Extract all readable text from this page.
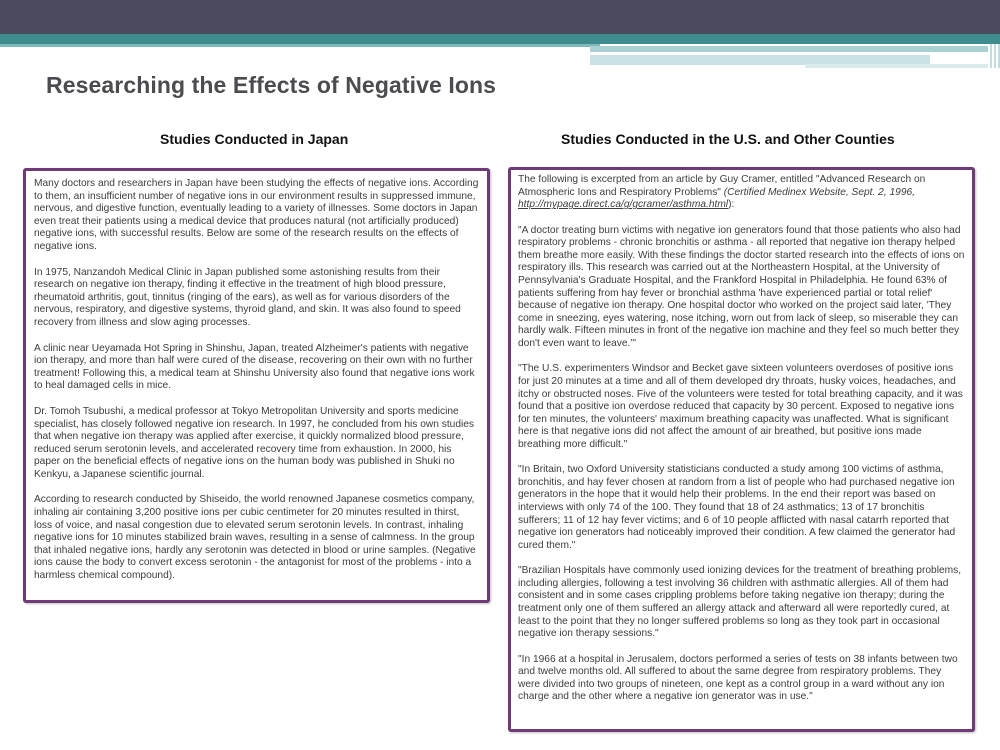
Researching the Effects of Negative Ions
Studies Conducted in Japan	Studies Conducted in the U.S. and Other Counties

Many doctors and researchers in Japan have been studying the effects of negative ions. According to them, an insufficient number of negative ions in our environment results in suppressed immune, nervous, and digestive function, eventually leading to a variety of illnesses. Some doctors in Japan even treat their patients using a medical device that produces natural (not artificially produced) negative ions, with successful results. Below are some of the research results on the effects of negative ions.

In 1975, Nanzandoh Medical Clinic in Japan published some astonishing results from their research on negative ion therapy, finding it effective in the treatment of high blood pressure, rheumatoid arthritis, gout, tinnitus (ringing of the ears), as well as for various disorders of the nervous, respiratory, and digestive systems, thyroid gland, and skin. It was also found to speed recovery from illness and slow aging processes.

A clinic near Ueyamada Hot Spring in Shinshu, Japan, treated Alzheimer's patients with negative ion therapy, and more than half were cured of the disease, recovering on their own with no further treatment! Following this, a medical team at Shinshu University also found that negative ions work to heal damaged cells in mice.

Dr. Tomoh Tsubushi, a medical professor at Tokyo Metropolitan University and sports medicine specialist, has closely followed negative ion research. In 1997, he concluded from his own studies that when negative ion therapy was applied after exercise, it quickly normalized blood pressure, reduced serum serotonin levels, and accelerated recovery time from exhaustion. In 2000, his paper on the beneficial effects of negative ions on the human body was published in Shuki no Kenkyu, a Japanese scientific journal.

According to research conducted by Shiseido, the world renowned Japanese cosmetics company, inhaling air containing 3,200 positive ions per cubic centimeter for 20 minutes resulted in thirst, loss of voice, and nasal congestion due to elevated serum serotonin levels. In contrast, inhaling negative ions for 10 minutes stabilized brain waves, resulting in a sense of calmness. In the group that inhaled negative ions, hardly any serotonin was detected in blood or urine samples. (Negative ions cause the body to convert excess serotonin - the antagonist for most of the problems - into a harmless chemical compound).

The following is excerpted from an article by Guy Cramer, entitled "Advanced Research on Atmospheric Ions and Respiratory Problems" (Certified Medinex Website, Sept. 2, 1996, http://mypage.direct.ca/g/gcramer/asthma.html):

"A doctor treating burn victims with negative ion generators found that those patients who also had respiratory problems - chronic bronchitis or asthma - all reported that negative ion therapy helped them breathe more easily. With these findings the doctor started research into the effects of ions on respiratory ills. This research was carried out at the Northeastern Hospital, at the University of Pennsylvania's Graduate Hospital, and the Frankford Hospital in Philadelphia. He found 63% of patients suffering from hay fever or bronchial asthma 'have experienced partial or total relief' because of negative ion therapy. One hospital doctor who worked on the project said later, 'They come in sneezing, eyes watering, nose itching, worn out from lack of sleep, so miserable they can hardly walk. Fifteen minutes in front of the negative ion machine and they feel so much better they don't even want to leave.'"

"The U.S. experimenters Windsor and Becket gave sixteen volunteers overdoses of positive ions for just 20 minutes at a time and all of them developed dry throats, husky voices, headaches, and itchy or obstructed noses. Five of the volunteers were tested for total breathing capacity, and it was found that a positive ion overdose reduced that capacity by 30 percent. Exposed to negative ions for ten minutes, the volunteers' maximum breathing capacity was unaffected. What is significant here is that negative ions did not affect the amount of air breathed, but positive ions made breathing more difficult."

"In Britain, two Oxford University statisticians conducted a study among 100 victims of asthma, bronchitis, and hay fever chosen at random from a list of people who had purchased negative ion generators in the hope that it would help their problems. In the end their report was based on interviews with only 74 of the 100. They found that 18 of 24 asthmatics; 13 of 17 bronchitis sufferers; 11 of 12 hay fever victims; and 6 of 10 people afflicted with nasal catarrh reported that negative ion generators had noticeably improved their condition. A few claimed the generator had cured them."

"Brazilian Hospitals have commonly used ionizing devices for the treatment of breathing problems, including allergies, following a test involving 36 children with asthmatic allergies. All of them had consistent and in some cases crippling problems before taking negative ion therapy; during the treatment only one of them suffered an allergy attack and afterward all were reportedly cured, at least to the point that they no longer suffered problems so long as they took part in occasional negative ion therapy sessions."

"In 1966 at a hospital in Jerusalem, doctors performed a series of tests on 38 infants between two and twelve months old. All suffered to about the same degree from respiratory problems. They were divided into two groups of nineteen, one kept as a control group in a ward without any ion charge and the other where a negative ion generator was in use."
